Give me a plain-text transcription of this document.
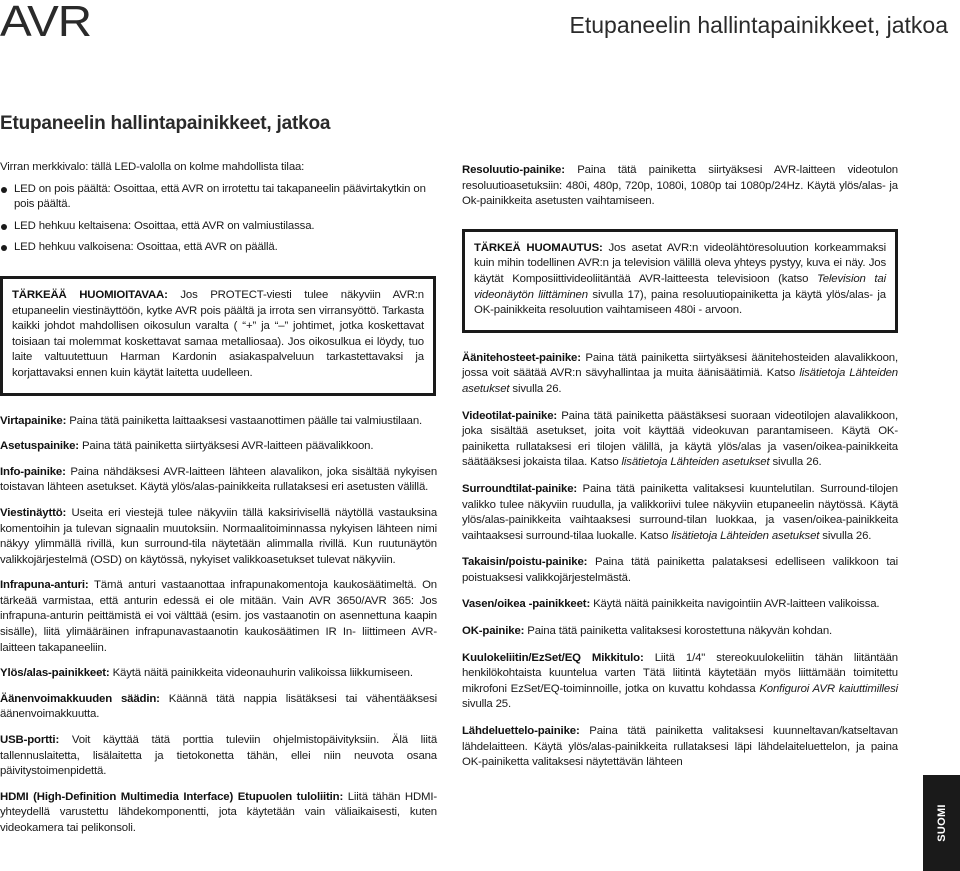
AVR	Etupaneelin hallintapainikkeet, jatkoa
Etupaneelin hallintapainikkeet, jatkoa

Virran merkkivalo: tällä LED-valolla on kolme mahdollista tilaa:

LED on pois päältä: Osoittaa, että AVR on irrotettu tai takapaneelin päävirtakytkin on pois päältä.
LED hehkuu keltaisena: Osoittaa, että AVR on valmiustilassa.
LED hehkuu valkoisena: Osoittaa, että AVR on päällä.
TÄRKEÄÄ HUOMIOITAVAA: Jos PROTECT-viesti tulee näkyviin AVR:n etupaneelin viestinäyttöön, kytke AVR pois päältä ja irrota sen virransyöttö. Tarkasta kaikki johdot mahdollisen oikosulun varalta ( “+” ja “–” johtimet, jotka koskettavat toisiaan tai molemmat koskettavat samaa metalliosaa). Jos oikosulkua ei löydy, tuo laite valtuutettuun Harman Kardonin asiakaspalveluun tarkastettavaksi ja korjattavaksi ennen kuin käytät laitetta uudelleen.

Virtapainike: Paina tätä painiketta laittaaksesi vastaanottimen päälle tai valmiustilaan.

Asetuspainike: Paina tätä painiketta siirtyäksesi AVR-laitteen päävalikkoon.

Info-painike: Paina nähdäksesi AVR-laitteen lähteen alavalikon, joka sisältää nykyisen toistavan lähteen asetukset. Käytä ylös/alas-painikkeita rullataksesi eri asetusten välillä.

Viestinäyttö: Useita eri viestejä tulee näkyviin tällä kaksirivisellä näytöllä vastauksina komentoihin ja tulevan signaalin muutoksiin. Normaalitoiminnassa nykyisen lähteen nimi näkyy ylimmällä rivillä, kun surround-tila näytetään alimmalla rivillä. Kun ruutunäytön valikkojärjestelmä (OSD) on käytössä, nykyiset valikkoasetukset tulevat näkyviin.

Infrapuna-anturi: Tämä anturi vastaanottaa infrapunakomentoja kaukosäätimeltä. On tärkeää varmistaa, että anturin edessä ei ole mitään. Vain AVR 3650/AVR 365: Jos infrapuna-anturin peittämistä ei voi välttää (esim. jos vastaanotin on asennettuna kaapin sisälle), liitä ylimääräinen infrapunavastaanotin kaukosäätimen IR In- liittimeen AVR-laitteen takapaneeliin.

Ylös/alas-painikkeet: Käytä näitä painikkeita videonauhurin valikoissa liikkumiseen.

Äänenvoimakkuuden säädin: Käännä tätä nappia lisätäksesi tai vähentääksesi äänenvoimakkuutta.

USB-portti: Voit käyttää tätä porttia tuleviin ohjelmistopäivityksiin. Älä liitä tallennuslaitetta, lisälaitetta ja tietokonetta tähän, ellei niin neuvota osana päivitystoimenpidettä.

HDMI (High-Definition Multimedia Interface) Etupuolen tuloliitin: Liitä tähän HDMI-yhteydellä varustettu lähdekomponentti, jota käytetään vain väliaikaisesti, kuten videokamera tai pelikonsoli.

Resoluutio-painike: Paina tätä painiketta siirtyäksesi AVR-laitteen videotulon resoluutioasetuksiin: 480i, 480p, 720p, 1080i, 1080p tai 1080p/24Hz. Käytä ylös/alas- ja Ok-painikkeita asetusten vaihtamiseen.

TÄRKEÄ HUOMAUTUS: Jos asetat AVR:n videolähtöresoluution korkeammaksi kuin mihin todellinen AVR:n ja television välillä oleva yhteys pystyy, kuva ei näy. Jos käytät Komposiittivideoliitäntää AVR-laitteesta televisioon (katso Television tai videonäytön liittäminen sivulla 17), paina resoluutiopainiketta ja käytä ylös/alas- ja OK-painikkeita resoluution vaihtamiseen 480i - arvoon.

Äänitehosteet-painike: Paina tätä painiketta siirtyäksesi äänitehosteiden alavalikkoon, jossa voit säätää AVR:n sävyhallintaa ja muita äänisäätimiä. Katso lisätietoja Lähteiden asetukset sivulla 26.

Videotilat-painike: Paina tätä painiketta päästäksesi suoraan videotilojen alavalikkoon, joka sisältää asetukset, joita voit käyttää videokuvan parantamiseen. Käytä OK-painiketta rullataksesi eri tilojen välillä, ja käytä ylös/alas ja vasen/oikea-painikkeita säätääksesi jokaista tilaa. Katso lisätietoja Lähteiden asetukset sivulla 26.

Surroundtilat-painike: Paina tätä painiketta valitaksesi kuuntelutilan. Surround-tilojen valikko tulee näkyviin ruudulla, ja valikkoriivi tulee näkyviin etupaneelin näytössä. Käytä ylös/alas-painikkeita vaihtaaksesi surround-tilan luokkaa, ja vasen/oikea-painikkeita vaihtaaksesi surround-tilaa luokalle. Katso lisätietoja Lähteiden asetukset sivulla 26.

Takaisin/poistu-painike: Paina tätä painiketta palataksesi edelliseen valikkoon tai poistuaksesi valikkojärjestelmästä.

Vasen/oikea -painikkeet: Käytä näitä painikkeita navigointiin AVR-laitteen valikoissa.

OK-painike: Paina tätä painiketta valitaksesi korostettuna näkyvän kohdan.

Kuulokeliitin/EzSet/EQ Mikkitulo: Liitä 1/4" stereokuulokeliitin tähän liitäntään henkilökohtaista kuuntelua varten Tätä liitintä käytetään myös liittämään toimitettu mikrofoni EzSet/EQ-toiminnoille, jotka on kuvattu kohdassa Konfiguroi AVR kaiuttimillesi sivulla 25.

Lähdeluettelo-painike: Paina tätä painiketta valitaksesi kuunneltavan/katseltavan lähdelaitteen. Käytä ylös/alas-painikkeita rullataksesi läpi lähdelaiteluettelon, ja paina OK-painiketta valitaksesi näytettävän lähteen

SUOMI
